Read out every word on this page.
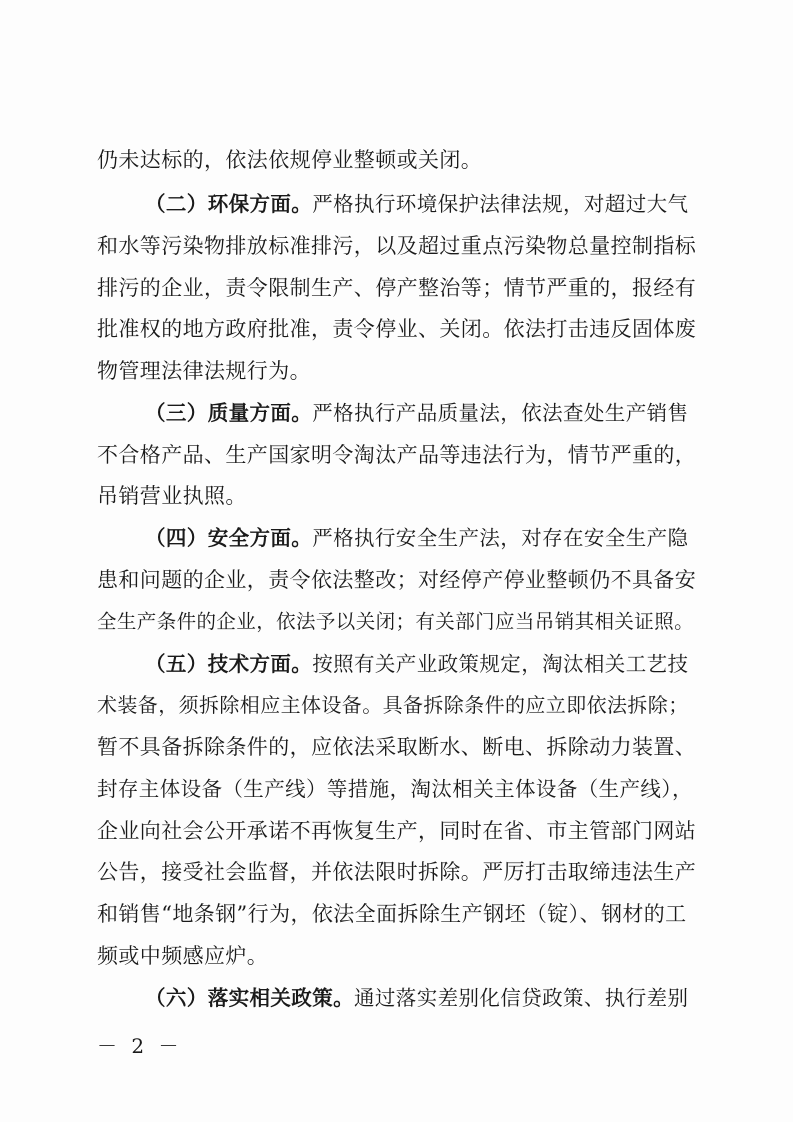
仍未达标的，依法依规停业整顿或关闭。
（二）环保方面。严格执行环境保护法律法规，对超过大气
和水等污染物排放标准排污，以及超过重点污染物总量控制指标
排污的企业，责令限制生产、停产整治等；情节严重的，报经有
批准权的地方政府批准，责令停业、关闭。依法打击违反固体废
物管理法律法规行为。
（三）质量方面。严格执行产品质量法，依法查处生产销售
不合格产品、生产国家明令淘汰产品等违法行为，情节严重的，
吊销营业执照。
（四）安全方面。严格执行安全生产法，对存在安全生产隐
患和问题的企业，责令依法整改；对经停产停业整顿仍不具备安
全生产条件的企业，依法予以关闭；有关部门应当吊销其相关证照。
（五）技术方面。按照有关产业政策规定，淘汰相关工艺技
术装备，须拆除相应主体设备。具备拆除条件的应立即依法拆除；
暂不具备拆除条件的，应依法采取断水、断电、拆除动力装置、
封存主体设备（生产线）等措施，淘汰相关主体设备（生产线），
企业向社会公开承诺不再恢复生产，同时在省、市主管部门网站
公告，接受社会监督，并依法限时拆除。严厉打击取缔违法生产
和销售“地条钢”行为，依法全面拆除生产钢坯（锭）、钢材的工
频或中频感应炉。
（六）落实相关政策。通过落实差别化信贷政策、执行差别
－ 2 －
